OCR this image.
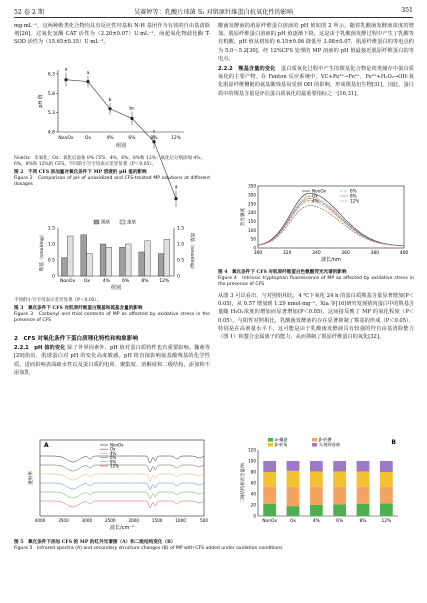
52 卷 2 期	吴赛婷等：乳酸片球菌 S₁ 对肌原纤维蛋白抗氧化性的影响	351

mg·mL⁻¹，这两种酚类化合物均具有反应性羟基和 N-H 基团作为有效的自由基清除剂[26]。过氧化氢酶 CAT 活性为（2.20±0.07）U·mL⁻¹，而超氧化物歧化酶 T-SOD 活性为（15.65±0.35）U·mL⁻¹。

6.3
5.8
5.3
4.8
pH 值
组别
a
NonOx
a
Ox
b
4%
bc
6%
c
8%
d
12%

NonOx：未氧化；Ox：氧化后添加 0% CFS；4%、6%、8%和 12%：氧化后分别添加 4%、6%、8%和 12%的 CFS。不同的小写字母表示差异显著（P＜0.05）。

图 2　不同 CFS 添加量对氧化条件下 MP 溶液的 pH 值的影响

Figure 2　Comparison of pH of unoxidized and CFS-treated MP solutions at different dosages

0	0
0.5	0.5
1.0	1.0
1.5	1.5
羰基（nmol/mg）	巯基（nmol/mg）
羰基	巯基
NonOx Ox	4%	6%	8% 12%
组别

不同的小写字母表示差异显著（P＜0.05）。

图 3　氧化条件下 CFS 对肌原纤维蛋白羰基和巯基含量的影响

Figure 3　Carbonyl and thiol contents of MP as affected by oxidative stress in the presence of CFS

2　CFS 对氧化条件下蛋白质理化特性和构象影响

2.2.1　pH 值的变化 除了外界因素外，pH 值对蛋白质特性也有重要影响。魏萌等[29]指出，肌球蛋白对 pH 的变化高度敏感。pH 值直接影响氨基酸残基的化学性质，进而影响表面疏水性以及蛋白质的电荷、聚集度、溶解度和二级结构，添加和不添加乳

酸菌发酵液的肌原纤维蛋白溶液的 pH 值如图 2 所示。随着乳酸菌发酵液浓度的增加，肌原纤维蛋白溶液的 pH 值逐渐下降，这是由于乳酸菌发酵过程中产生了乳酸等有机酸，pH 值从初始的 6.15±0.06 降低至 3.08±0.07，肌原纤维蛋白的等电点约为 5.0～5.2[30]，经 12%CFS 处理的 MP 溶液的 pH 值最接近肌原纤维蛋白的等电点。

2.2.2　羰基含量的变化　 蛋白质氧化过程中产生的羰基化合物是肉类储存中蛋白质氧化的主要产物。在 Fenton 反应系统中，VC+Fe³⁺→Fe²⁺，Fe²⁺+H₂O₂→OH·氧化肌原纤维侧链的氨基酸残基易受到 OH 的影响，形成羰基衍生物[31]。因此，蛋白质中的羰基含量是评估蛋白质氧化的最重要指标之一[16,31]。

0
50
100
150
200
250
300
350
300	320	340	360	380	400
荧光强度
波长/nm
NonOx
Ox
4%
6%
8%
12%

图 4　氧化条件下 CFS 对肌原纤维蛋白色氨酸荧光光谱的影响

Figure 4　Intrinsic tryptophan fluorescence of MP as affected by oxidative stress in the presence of CFS

从图 3 可以看出，与对照组相比，4 ℃下氧化 24 h 的蛋白质羰基含量显著增加(P＜0.05)，从 0.57 增加到 1.29 nmol·mg⁻¹。Xia 等[16]研究发现猪肉蛋白中的羰基含量随 H₂O₂浓度的增加而显著增加(P＜0.05)，这间接反映了 MP 的氧化程度（P＜0.05）。与阳性对照相比，乳酸菌发酵液的存在显著抑制了羰基的形成（P＜0.05），特别是在高剂量水平下，这可能是由于乳酸菌发酵液具有较强的羟自由基清除能力（图 1）和螯合金属离子的能力，从而抑制了肌原纤维蛋白的氧化[32]。

4000	3500	3000	2500	2000	1500	1000	500
波长/cm⁻¹
透射率
A	NonOx
Ox
4%
6%
8%
12%
B
0
20
40
60
80
100
120
二级结构相对含量/%
α-螺旋	β-折叠
β-转角	无规则卷曲
NonOx	Ox	4%	6%	8%	12%

图 5　氧化条件下添加 CFS 的 MP 的红外光谱图（A）和二级结构变化（B）

Figure 5　Infrared spectra (A) and secondary structure changes (B) of MP with CFS added under oxidation conditions
